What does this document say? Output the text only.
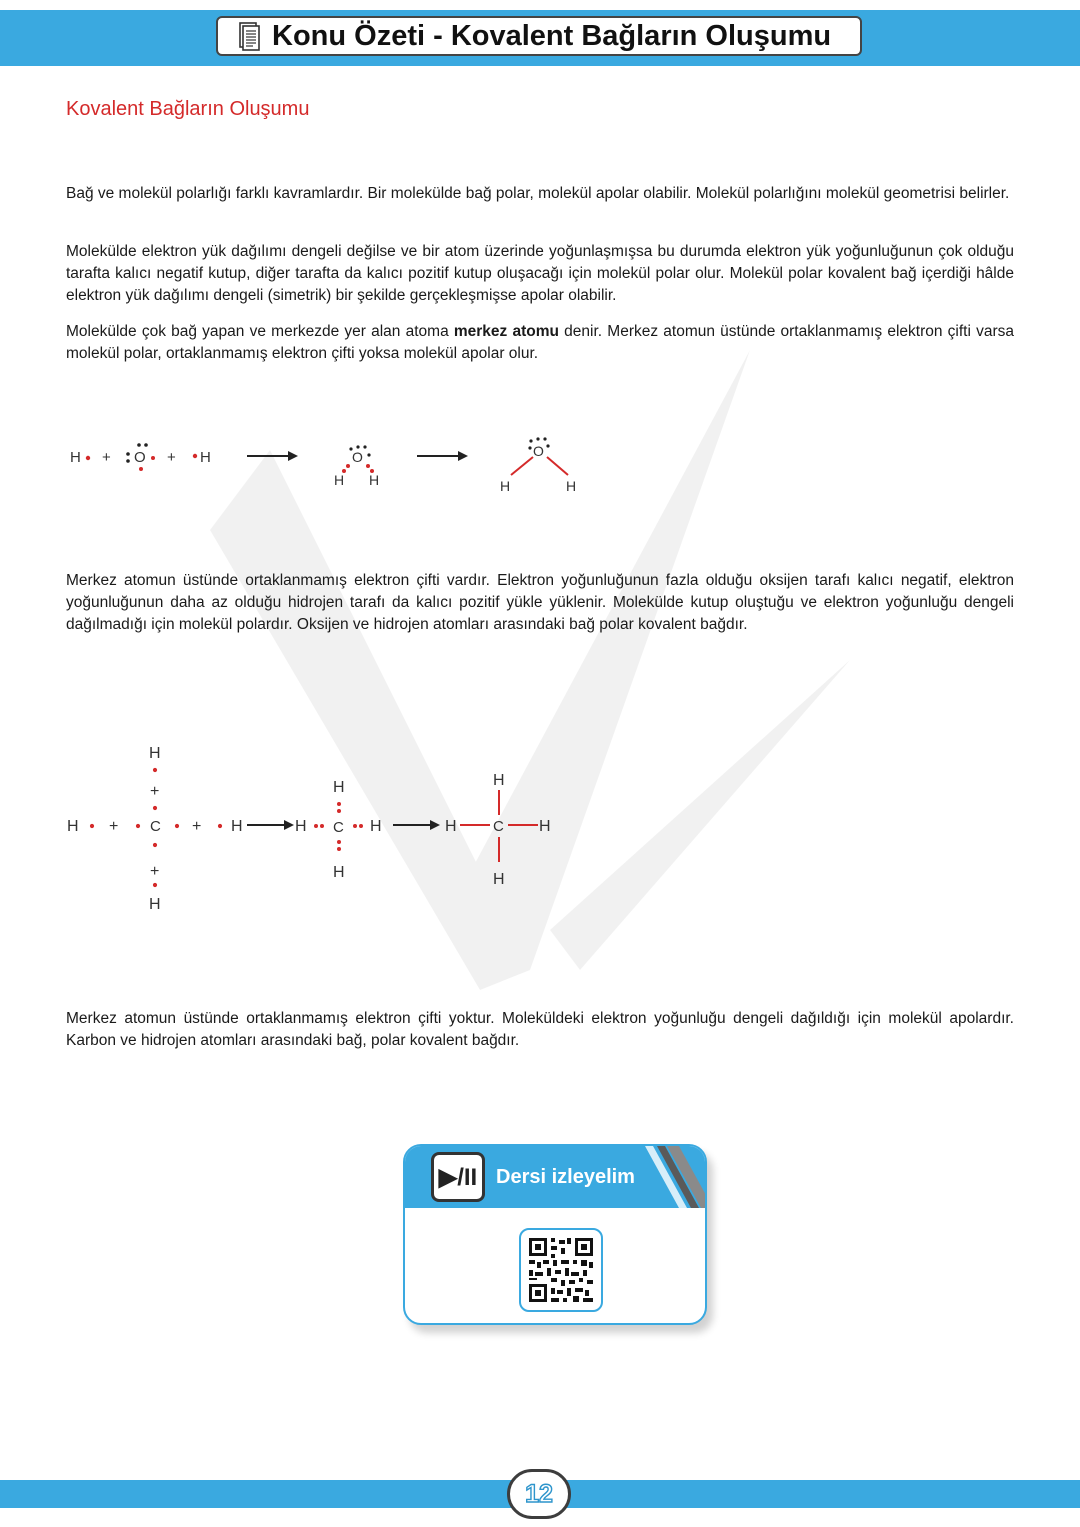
Konu Özeti - Kovalent Bağların Oluşumu
Kovalent Bağların Oluşumu

Bağ ve molekül polarlığı farklı kavramlardır. Bir molekülde bağ polar, molekül apolar olabilir. Molekül polarlığını molekül geometrisi belirler.

Molekülde elektron yük dağılımı dengeli değilse ve bir atom üzerinde yoğunlaşmışsa bu durumda elektron yük yoğunluğunun çok olduğu tarafta kalıcı negatif kutup, diğer tarafta da kalıcı pozitif kutup oluşacağı için molekül polar olur. Molekül polar kovalent bağ içerdiği hâlde elektron yük dağılımı dengeli (simetrik) bir şekilde gerçekleşmişse apolar olabilir.

Molekülde çok bağ yapan ve merkezde yer alan atoma merkez atomu denir. Merkez atomun üstünde ortaklanmamış elektron çifti varsa molekül polar, ortaklanmamış elektron çifti yoksa molekül apolar olur.

H + O + H	O
H H
O
H	H

Merkez atomun üstünde ortaklanmamış elektron çifti vardır. Elektron yoğunluğunun fazla olduğu oksijen tarafı kalıcı negatif, elektron yoğunluğunun daha az olduğu hidrojen tarafı da kalıcı pozitif yükle yüklenir. Molekülde kutup oluştuğu ve elektron yoğunluğu dengeli dağılmadığı için molekül polardır. Oksijen ve hidrojen atomları arasındaki bağ polar kovalent bağdır.

H
+
H + C +
+
H
H
H
H C H
H
H
H C H
H

Merkez atomun üstünde ortaklanmamış elektron çifti yoktur. Moleküldeki elektron yoğunluğu dengeli dağıldığı için molekül apolardır. Karbon ve hidrojen atomları arasındaki bağ, polar kovalent bağdır.

▶/II Dersi izleyelim
12
